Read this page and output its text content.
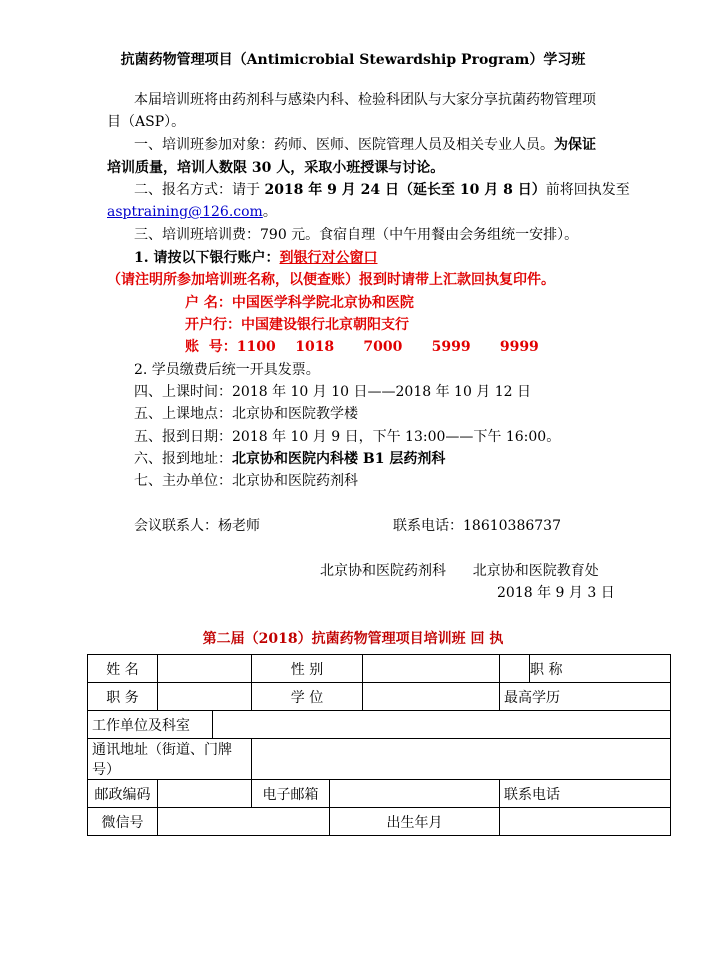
抗菌药物管理项目（Antimicrobial Stewardship Program）学习班
本届培训班将由药剂科与感染内科、检验科团队与大家分享抗菌药物管理项
目（ASP）。
一、培训班参加对象：药师、医师、医院管理人员及相关专业人员。为保证
培训质量，培训人数限 30 人，采取小班授课与讨论。
二、报名方式：请于 2018 年 9 月 24 日（延长至 10 月 8 日）前将回执发至
asptraining@126.com。
三、培训班培训费：790 元。食宿自理（中午用餐由会务组统一安排）。
1. 请按以下银行账户：到银行对公窗口
（请注明所参加培训班名称，以便查账）报到时请带上汇款回执复印件。
户 名：中国医学科学院北京协和医院
开户行：中国建设银行北京朝阳支行
账  号：1100    1018      7000      5999      9999
2. 学员缴费后统一开具发票。
四、上课时间：2018 年 10 月 10 日——2018 年 10 月 12 日
五、上课地点：北京协和医院教学楼
五、报到日期：2018 年 10 月 9 日，下午 13:00——下午 16:00。
六、报到地址：北京协和医院内科楼 B1 层药剂科
七、主办单位：北京协和医院药剂科
会议联系人：杨老师	联系电话：18610386737
北京协和医院药剂科      北京协和医院教育处
2018 年 9 月 3 日
第二届（2018）抗菌药物管理项目培训班 回 执
姓 名			性 别				职 称
职 务			学 位			最高学历	
工作单位及科室							
通讯地址（街道、门牌号）							
邮政编码			电子邮箱			联系电话	
微信号				出生年月			
